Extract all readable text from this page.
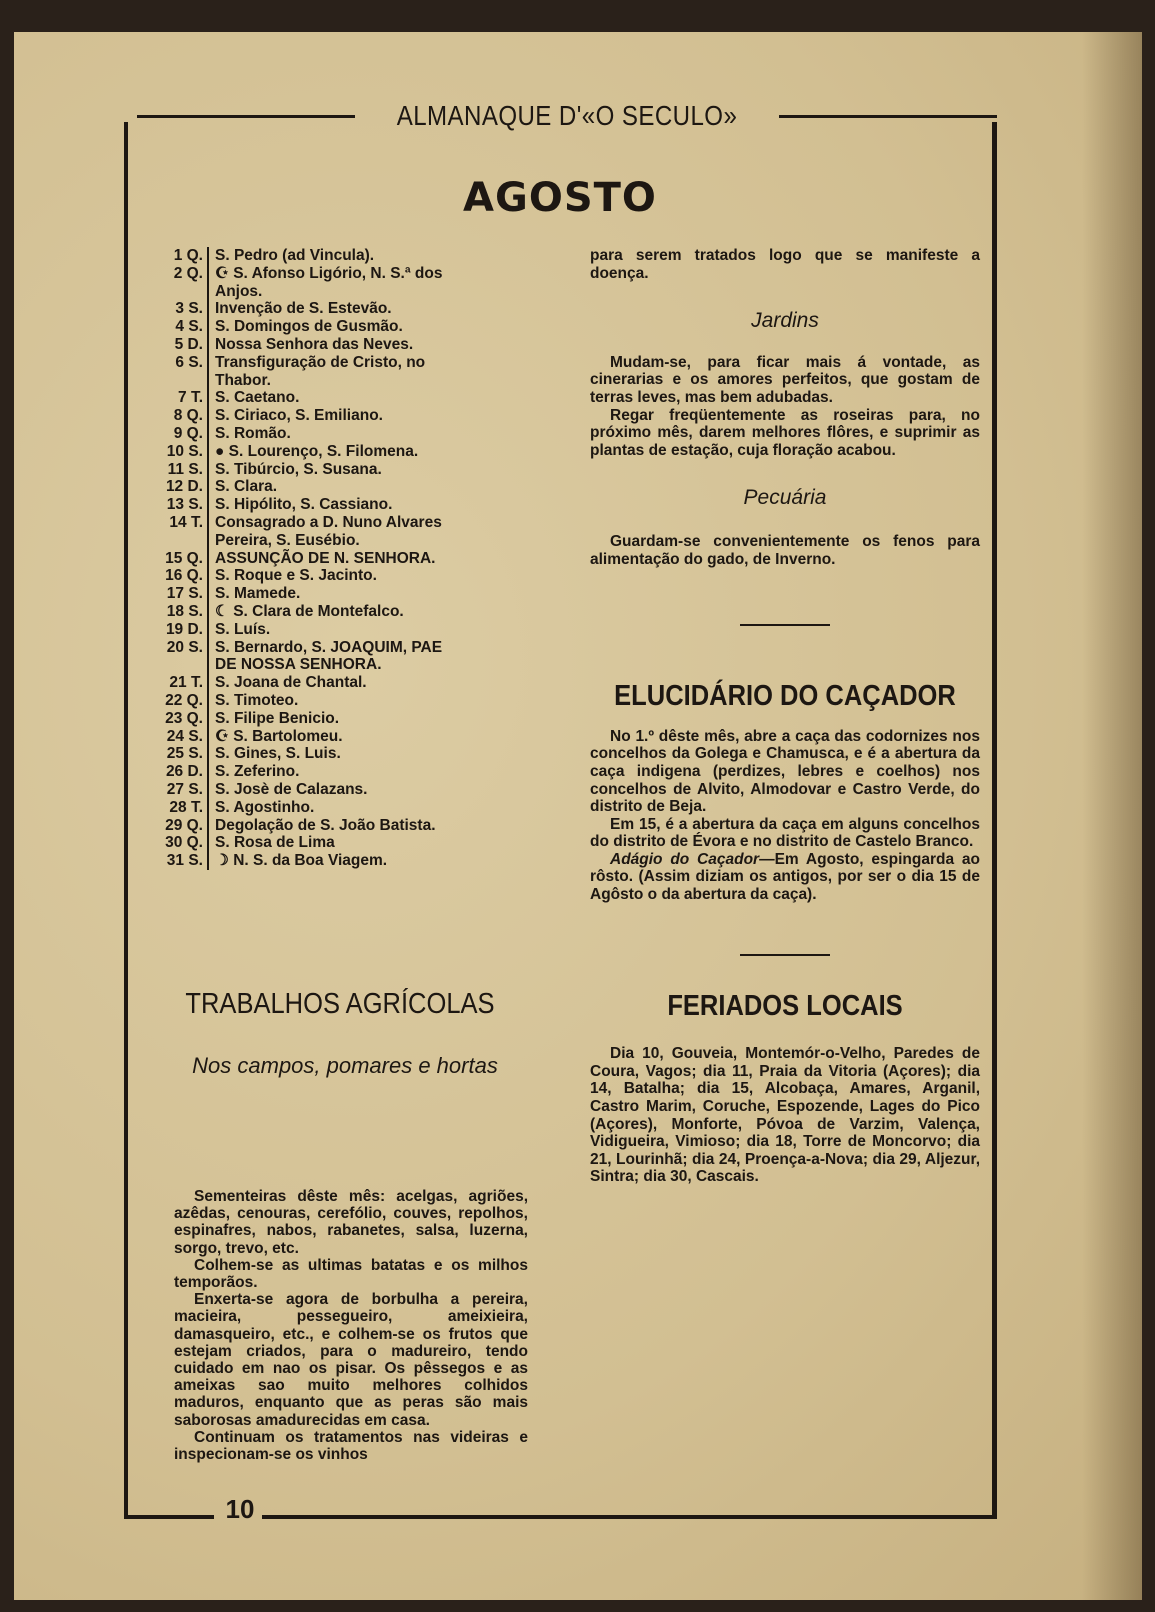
ALMANAQUE D'«O SECULO»
AGOSTO
1 Q. S. Pedro (ad Vincula).
2 Q. ☪ S. Afonso Ligório, N. S.ª dos
Anjos.
3 S. Invenção de S. Estevão.
4 S. S. Domingos de Gusmão.
5 D. Nossa Senhora das Neves.
6 S. Transfiguração de Cristo, no
Thabor.
7 T. S. Caetano.
8 Q. S. Ciriaco, S. Emiliano.
9 Q. S. Romão.
10 S. ● S. Lourenço, S. Filomena.
11 S. S. Tibúrcio, S. Susana.
12 D. S. Clara.
13 S. S. Hipólito, S. Cassiano.
14 T. Consagrado a D. Nuno Alvares
Pereira, S. Eusébio.
15 Q. ASSUNÇÃO DE N. SENHORA.
16 Q. S. Roque e S. Jacinto.
17 S. S. Mamede.
18 S. ☾ S. Clara de Montefalco.
19 D. S. Luís.
20 S. S. Bernardo, S. JOAQUIM, PAE
DE NOSSA SENHORA.
21 T. S. Joana de Chantal.
22 Q. S. Timoteo.
23 Q. S. Filipe Benicio.
24 S. ☪ S. Bartolomeu.
25 S. S. Gines, S. Luis.
26 D. S. Zeferino.
27 S. S. Josè de Calazans.
28 T. S. Agostinho.
29 Q. Degolação de S. João Batista.
30 Q. S. Rosa de Lima
31 S. ☽ N. S. da Boa Viagem.
TRABALHOS AGRÍCOLAS
Nos campos, pomares e hortas

Sementeiras dêste mês: acelgas, agriões, azêdas, cenouras, cerefólio, couves, repolhos, espinafres, nabos, rabanetes, salsa, luzerna, sorgo, trevo, etc.

Colhem-se as ultimas batatas e os milhos temporãos.

Enxerta-se agora de borbulha a pereira, macieira, pessegueiro, ameixieira, damasqueiro, etc., e colhem-se os frutos que estejam criados, para o madureiro, tendo cuidado em nao os pisar. Os pêssegos e as ameixas sao muito melhores colhidos maduros, enquanto que as peras são mais saborosas amadurecidas em casa.

Continuam os tratamentos nas videiras e inspecionam-se os vinhos

para serem tratados logo que se manifeste a doença.

Jardins

Mudam-se, para ficar mais á vontade, as cinerarias e os amores perfeitos, que gostam de terras leves, mas bem adubadas.

Regar freqüentemente as roseiras para, no próximo mês, darem melhores flôres, e suprimir as plantas de estação, cuja floração acabou.

Pecuária

Guardam-se convenientemente os fenos para alimentação do gado, de Inverno.

ELUCIDÁRIO DO CAÇADOR

No 1.º dêste mês, abre a caça das codornizes nos concelhos da Golega e Chamusca, e é a abertura da caça indigena (perdizes, lebres e coelhos) nos concelhos de Alvito, Almodovar e Castro Verde, do distrito de Beja.

Em 15, é a abertura da caça em alguns concelhos do distrito de Évora e no distrito de Castelo Branco.

Adágio do Caçador—Em Agosto, espingarda ao rôsto. (Assim diziam os antigos, por ser o dia 15 de Agôsto o da abertura da caça).

FERIADOS LOCAIS

Dia 10, Gouveia, Montemór-o-Velho, Paredes de Coura, Vagos; dia 11, Praia da Vitoria (Açores); dia 14, Batalha; dia 15, Alcobaça, Amares, Arganil, Castro Marim, Coruche, Espozende, Lages do Pico (Açores), Monforte, Póvoa de Varzim, Valença, Vidigueira, Vimioso; dia 18, Torre de Moncorvo; dia 21, Lourinhã; dia 24, Proença-a-Nova; dia 29, Aljezur, Sintra; dia 30, Cascais.

10
